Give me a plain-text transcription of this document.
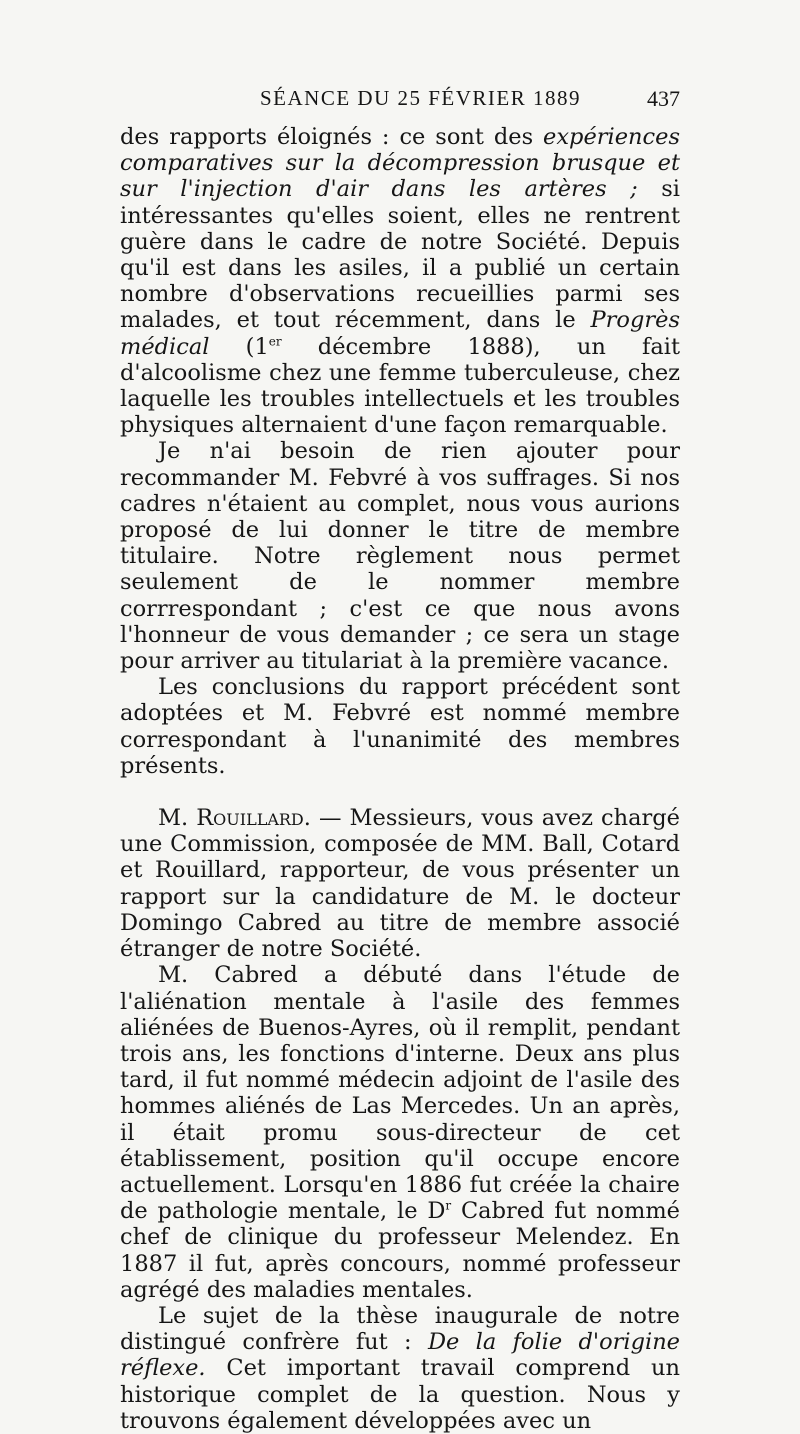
SÉANCE DU 25 FÉVRIER 1889	437

des rapports éloignés : ce sont des expériences comparatives sur la décompression brusque et sur l'injection d'air dans les artères ; si intéressantes qu'elles soient, elles ne rentrent guère dans le cadre de notre Société. Depuis qu'il est dans les asiles, il a publié un certain nombre d'observations recueillies parmi ses malades, et tout récemment, dans le Progrès médical (1er décembre 1888), un fait d'alcoolisme chez une femme tuberculeuse, chez laquelle les troubles intellectuels et les troubles physiques alternaient d'une façon remarquable.

Je n'ai besoin de rien ajouter pour recommander M. Febvré à vos suffrages. Si nos cadres n'étaient au complet, nous vous aurions proposé de lui donner le titre de membre titulaire. Notre règlement nous permet seulement de le nommer membre corrrespondant ; c'est ce que nous avons l'honneur de vous demander ; ce sera un stage pour arriver au titulariat à la première vacance.

Les conclusions du rapport précédent sont adoptées et M. Febvré est nommé membre correspondant à l'unanimité des membres présents.

M. Rouillard. — Messieurs, vous avez chargé une Commission, composée de MM. Ball, Cotard et Rouillard, rapporteur, de vous présenter un rapport sur la candidature de M. le docteur Domingo Cabred au titre de membre associé étranger de notre Société.

M. Cabred a débuté dans l'étude de l'aliénation mentale à l'asile des femmes aliénées de Buenos-Ayres, où il remplit, pendant trois ans, les fonctions d'interne. Deux ans plus tard, il fut nommé médecin adjoint de l'asile des hommes aliénés de Las Mercedes. Un an après, il était promu sous-directeur de cet établissement, position qu'il occupe encore actuellement. Lorsqu'en 1886 fut créée la chaire de pathologie mentale, le $D^r$ Cabred fut nommé chef de clinique du professeur Melendez. En 1887 il fut, après concours, nommé professeur agrégé des maladies mentales.

Le sujet de la thèse inaugurale de notre distingué confrère fut : De la folie d'origine réflexe. Cet important travail comprend un historique complet de la question. Nous y trouvons également développées avec un
